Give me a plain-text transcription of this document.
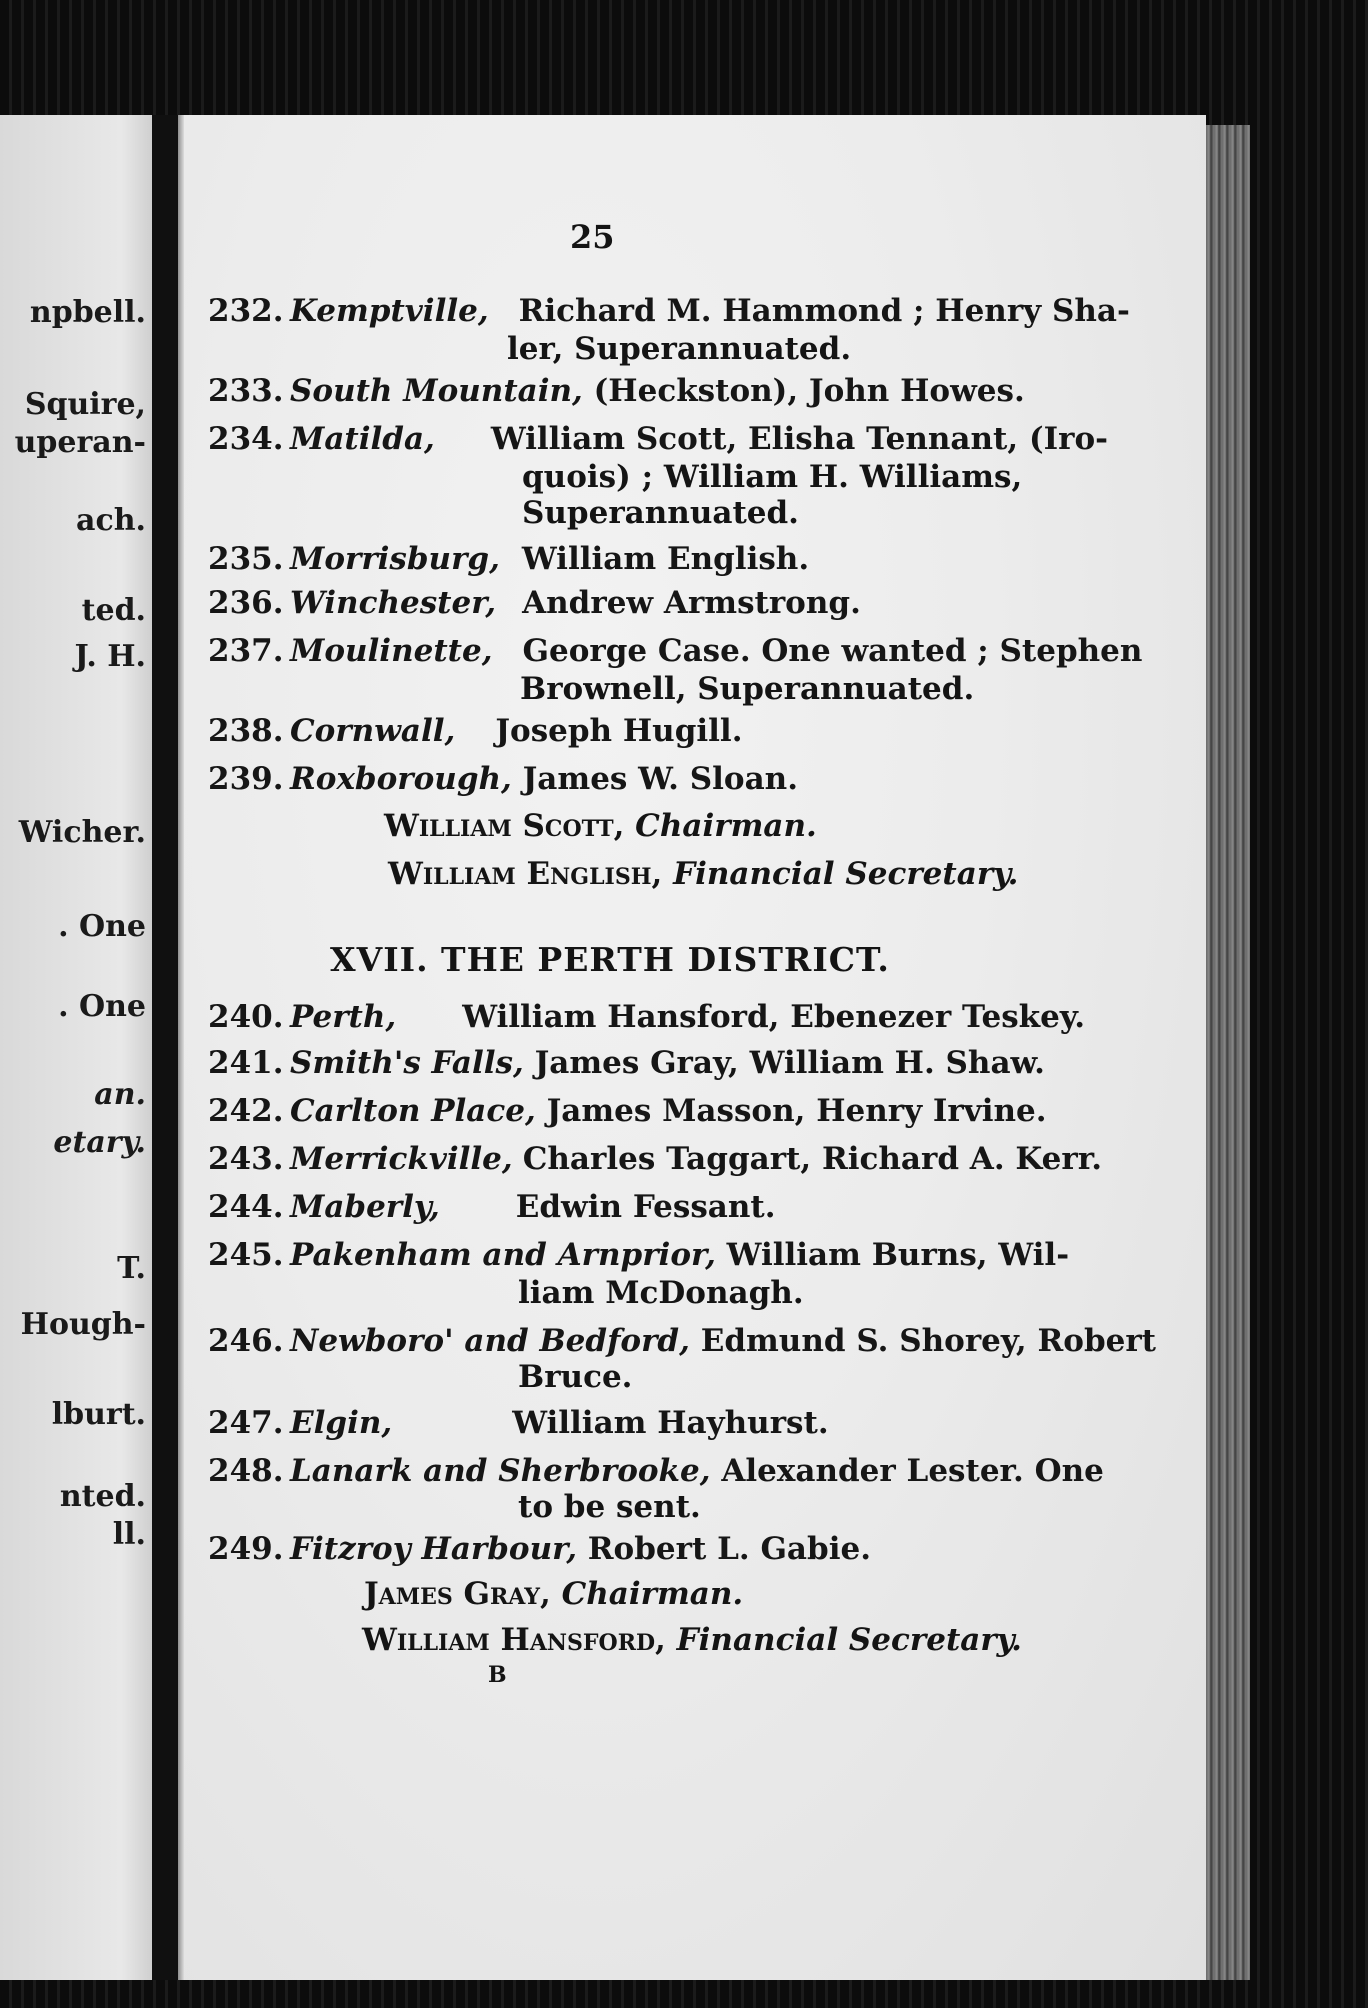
npbell.
Squire,
uperan-
ach.
ted.
J. H.
Wicher.
. One
. One
an.
etary.
T.
Hough-
lburt.
nted.
ll.
25
232. Kemptville, Richard M. Hammond ; Henry Sha-
ler, Superannuated.
233. South Mountain, (Heckston), John Howes.
234. Matilda, William Scott, Elisha Tennant, (Iro-
quois) ; William H. Williams,
Superannuated.
235. Morrisburg, William English.
236. Winchester, Andrew Armstrong.
237. Moulinette, George Case. One wanted ; Stephen
Brownell, Superannuated.
238. Cornwall, Joseph Hugill.
239. Roxborough, James W. Sloan.
William Scott, Chairman.
William English, Financial Secretary.
XVII. THE PERTH DISTRICT.
240. Perth, William Hansford, Ebenezer Teskey.
241. Smith's Falls, James Gray, William H. Shaw.
242. Carlton Place, James Masson, Henry Irvine.
243. Merrickville, Charles Taggart, Richard A. Kerr.
244. Maberly, Edwin Fessant.
245. Pakenham and Arnprior, William Burns, Wil-
liam McDonagh.
246. Newboro' and Bedford, Edmund S. Shorey, Robert
Bruce.
247. Elgin,	William Hayhurst.
248. Lanark and Sherbrooke, Alexander Lester. One
to be sent.
249. Fitzroy Harbour, Robert L. Gabie.
James Gray, Chairman.
William Hansford, Financial Secretary.
B
